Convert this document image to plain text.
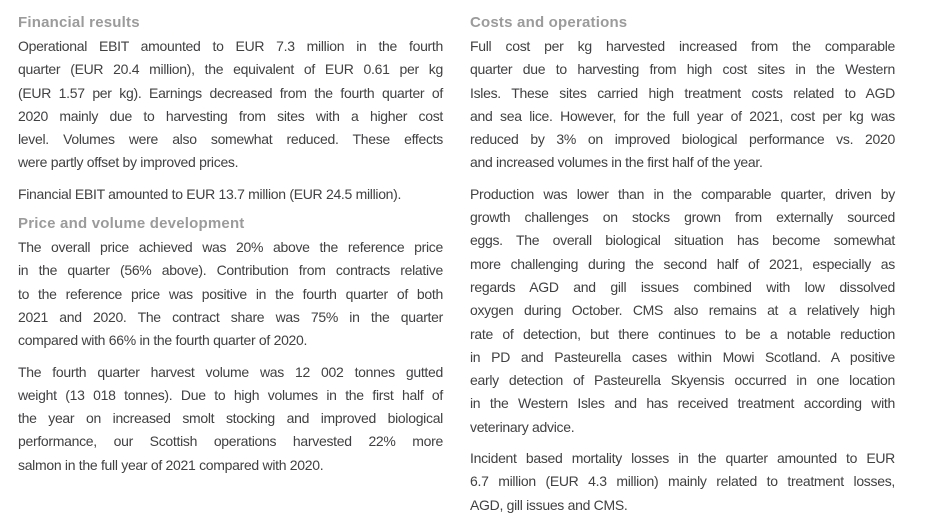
Financial results
Operational EBIT amounted to EUR 7.3 million in the fourth
quarter (EUR 20.4 million), the equivalent of EUR 0.61 per kg
(EUR 1.57 per kg). Earnings decreased from the fourth quarter of
2020 mainly due to harvesting from sites with a higher cost
level. Volumes were also somewhat reduced. These effects
were partly offset by improved prices.
Financial EBIT amounted to EUR 13.7 million (EUR 24.5 million).
Price and volume development
The overall price achieved was 20% above the reference price
in the quarter (56% above). Contribution from contracts relative
to the reference price was positive in the fourth quarter of both
2021 and 2020. The contract share was 75% in the quarter
compared with 66% in the fourth quarter of 2020.
The fourth quarter harvest volume was 12 002 tonnes gutted
weight (13 018 tonnes). Due to high volumes in the first half of
the year on increased smolt stocking and improved biological
performance, our Scottish operations harvested 22% more
salmon in the full year of 2021 compared with 2020.
Costs and operations
Full cost per kg harvested increased from the comparable
quarter due to harvesting from high cost sites in the Western
Isles. These sites carried high treatment costs related to AGD
and sea lice. However, for the full year of 2021, cost per kg was
reduced by 3% on improved biological performance vs. 2020
and increased volumes in the first half of the year.
Production was lower than in the comparable quarter, driven by
growth challenges on stocks grown from externally sourced
eggs. The overall biological situation has become somewhat
more challenging during the second half of 2021, especially as
regards AGD and gill issues combined with low dissolved
oxygen during October. CMS also remains at a relatively high
rate of detection, but there continues to be a notable reduction
in PD and Pasteurella cases within Mowi Scotland. A positive
early detection of Pasteurella Skyensis occurred in one location
in the Western Isles and has received treatment according with
veterinary advice.
Incident based mortality losses in the quarter amounted to EUR
6.7 million (EUR 4.3 million) mainly related to treatment losses,
AGD, gill issues and CMS.
